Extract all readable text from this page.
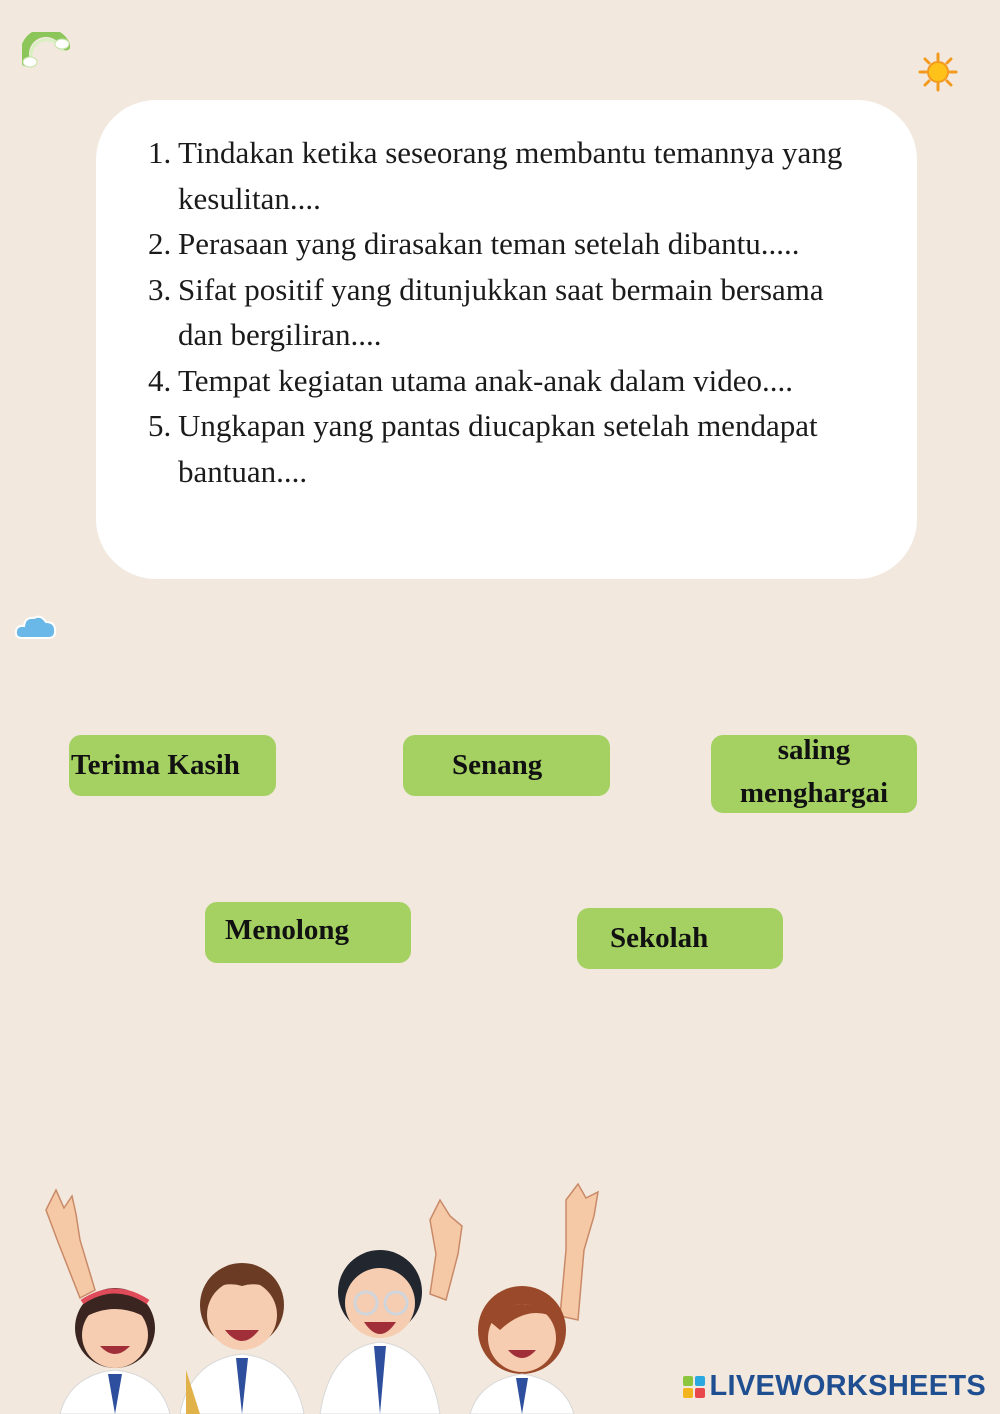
1. Tindakan ketika seseorang membantu temannya yang kesulitan....
2. Perasaan yang dirasakan teman setelah dibantu.....
3. Sifat positif yang ditunjukkan saat bermain bersama dan bergiliran....
4. Tempat kegiatan utama anak-anak dalam video....
5. Ungkapan yang pantas diucapkan setelah mendapat bantuan....
Terima Kasih	Senang	saling menghargai
Menolong	Sekolah
LIVEWORKSHEETS
